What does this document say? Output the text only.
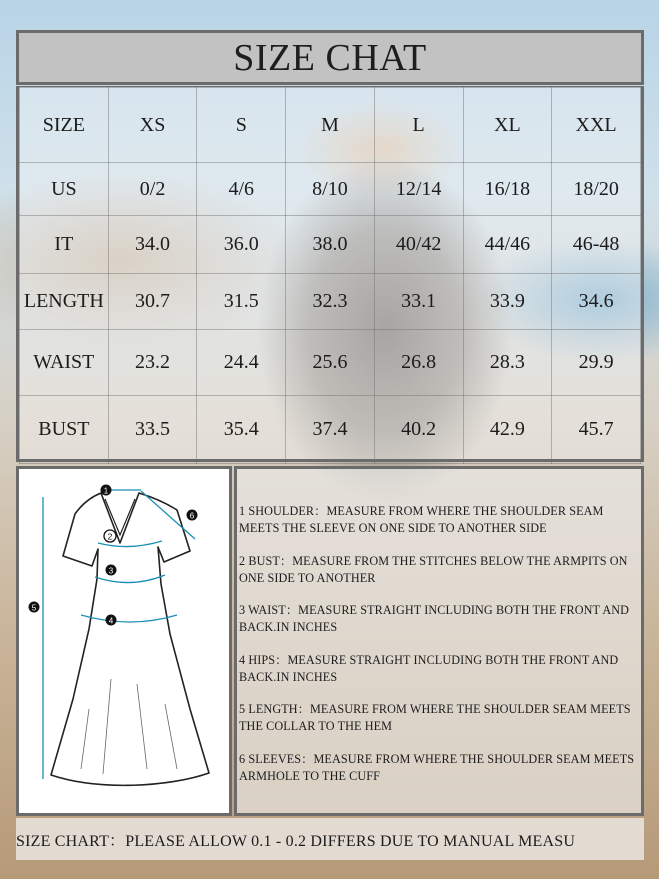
SIZE CHAT
SIZE	XS	S	M	L	XL	XXL
US	0/2	4/6	8/10	12/14	16/18	18/20
IT	34.0	36.0	38.0	40/42	44/46	46-48
LENGTH	30.7	31.5	32.3	33.1	33.9	34.6
WAIST	23.2	24.4	25.6	26.8	28.3	29.9
BUST	33.5	35.4	37.4	40.2	42.9	45.7
1
2
3
4
5
6	1 SHOULDER：MEASURE FROM WHERE THE SHOULDER SEAM MEETS THE SLEEVE ON ONE SIDE TO ANOTHER SIDE

2 BUST：MEASURE FROM THE STITCHES BELOW THE ARMPITS ON ONE SIDE TO ANOTHER

3 WAIST：MEASURE STRAIGHT INCLUDING BOTH THE FRONT AND BACK.IN INCHES

4 HIPS：MEASURE STRAIGHT INCLUDING BOTH THE FRONT AND BACK.IN INCHES

5 LENGTH：MEASURE FROM WHERE THE SHOULDER SEAM MEETS THE COLLAR TO THE HEM

6 SLEEVES：MEASURE FROM WHERE THE SHOULDER SEAM MEETS ARMHOLE TO THE CUFF

SIZE CHART：PLEASE ALLOW 0.1 - 0.2 DIFFERS DUE TO MANUAL MEASU
